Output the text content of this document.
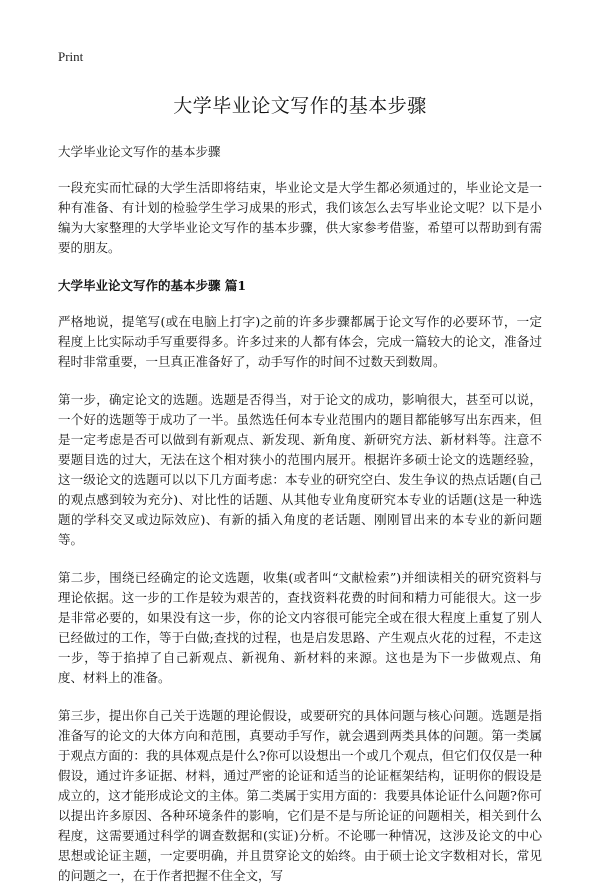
Print
大学毕业论文写作的基本步骤
大学毕业论文写作的基本步骤

一段充实而忙碌的大学生活即将结束，毕业论文是大学生都必须通过的，毕业论文是一种有准备、有计划的检验学生学习成果的形式，我们该怎么去写毕业论文呢？以下是小编为大家整理的大学毕业论文写作的基本步骤，供大家参考借鉴，希望可以帮助到有需要的朋友。

大学毕业论文写作的基本步骤 篇1

严格地说，提笔写(或在电脑上打字)之前的许多步骤都属于论文写作的必要环节，一定程度上比实际动手写重要得多。许多过来的人都有体会，完成一篇较大的论文，准备过程时非常重要，一旦真正准备好了，动手写作的时间不过数天到数周。

第一步，确定论文的选题。选题是否得当，对于论文的成功，影响很大，甚至可以说，一个好的选题等于成功了一半。虽然选任何本专业范围内的题目都能够写出东西来，但是一定考虑是否可以做到有新观点、新发现、新角度、新研究方法、新材料等。注意不要题目选的过大，无法在这个相对狭小的范围内展开。根据许多硕士论文的选题经验，这一级论文的选题可以以下几方面考虑：本专业的研究空白、发生争议的热点话题(自己的观点感到较为充分)、对比性的话题、从其他专业角度研究本专业的话题(这是一种选题的学科交叉或边际效应)、有新的插入角度的老话题、刚刚冒出来的本专业的新问题等。

第二步，围绕已经确定的论文选题，收集(或者叫“文献检索”)并细读相关的研究资料与理论依据。这一步的工作是较为艰苦的，查找资料花费的时间和精力可能很大。这一步是非常必要的，如果没有这一步，你的论文内容很可能完全或在很大程度上重复了别人已经做过的工作，等于白做;查找的过程，也是启发思路、产生观点火花的过程，不走这一步，等于掐掉了自己新观点、新视角、新材料的来源。这也是为下一步做观点、角度、材料上的准备。

第三步，提出你自己关于选题的理论假设，或要研究的具体问题与核心问题。选题是指准备写的论文的大体方向和范围，真要动手写作，就会遇到两类具体的问题。第一类属于观点方面的：我的具体观点是什么?你可以设想出一个或几个观点，但它们仅仅是一种假设，通过许多证据、材料，通过严密的论证和适当的论证框架结构，证明你的假设是成立的，这才能形成论文的主体。第二类属于实用方面的：我要具体论证什么问题?你可以提出许多原因、各种环境条件的影响，它们是不是与所论证的问题相关，相关到什么程度，这需要通过科学的调查数据和(实证)分析。不论哪一种情况，这涉及论文的中心思想或论证主题，一定要明确，并且贯穿论文的始终。由于硕士论文字数相对长，常见的问题之一，在于作者把握不住全文，写
